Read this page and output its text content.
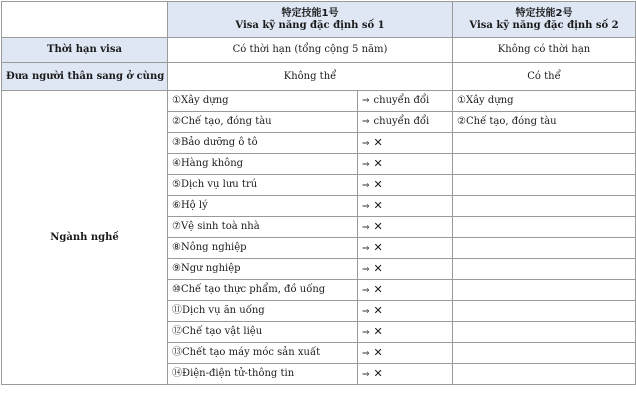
	特定技能1号
Visa kỹ năng đặc định số 1		特定技能2号
Visa kỹ năng đặc định số 2

Thời hạn visa	Có thời hạn (tổng cộng 5 năm)		Không có thời hạn
Đưa người thân sang ở cùng	Không thể		Có thể
Ngành nghề	①Xây dựng	⇒ chuyển đổi	①Xây dựng
	②Chế tạo, đóng tàu	⇒ chuyển đổi	②Chế tạo, đóng tàu
	③Bảo dưỡng ô tô	⇒ ✕	
	④Hàng không	⇒ ✕	
	⑤Dịch vụ lưu trú	⇒ ✕	
	⑥Hộ lý	⇒ ✕	
	⑦Vệ sinh toà nhà	⇒ ✕	
	⑧Nông nghiệp	⇒ ✕	
	⑨Ngư nghiệp	⇒ ✕	
	⑩Chế tạo thực phẩm, đồ uống	⇒ ✕	
	⑪Dịch vụ ăn uống	⇒ ✕	
	⑫Chế tạo vật liệu	⇒ ✕	
	⑬Chết tạo máy móc sản xuất	⇒ ✕	
	⑭Điện-điện tử-thông tin	⇒ ✕	
